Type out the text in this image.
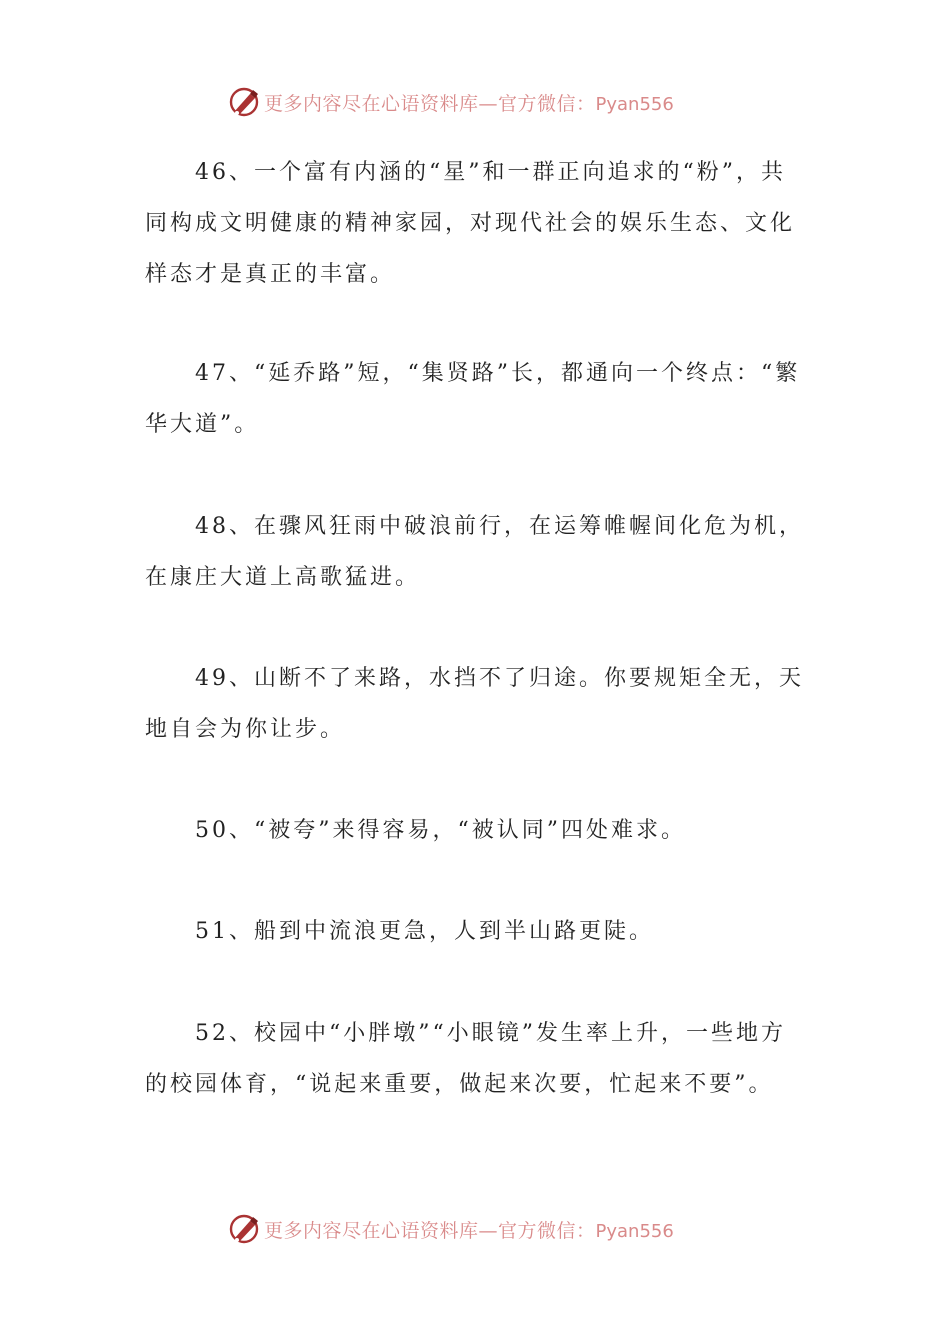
更多内容尽在心语资料库—官方微信：Pyan556

46、一个富有内涵的“星”和一群正向追求的“粉”，共同构成文明健康的精神家园，对现代社会的娱乐生态、文化样态才是真正的丰富。

47、“延乔路”短，“集贤路”长，都通向一个终点：“繁华大道”。

48、在骤风狂雨中破浪前行，在运筹帷幄间化危为机，在康庄大道上高歌猛进。

49、山断不了来路，水挡不了归途。你要规矩全无，天地自会为你让步。

50、“被夸”来得容易，“被认同”四处难求。

51、船到中流浪更急，人到半山路更陡。

52、校园中“小胖墩”“小眼镜”发生率上升，一些地方的校园体育，“说起来重要，做起来次要，忙起来不要”。

更多内容尽在心语资料库—官方微信：Pyan556
